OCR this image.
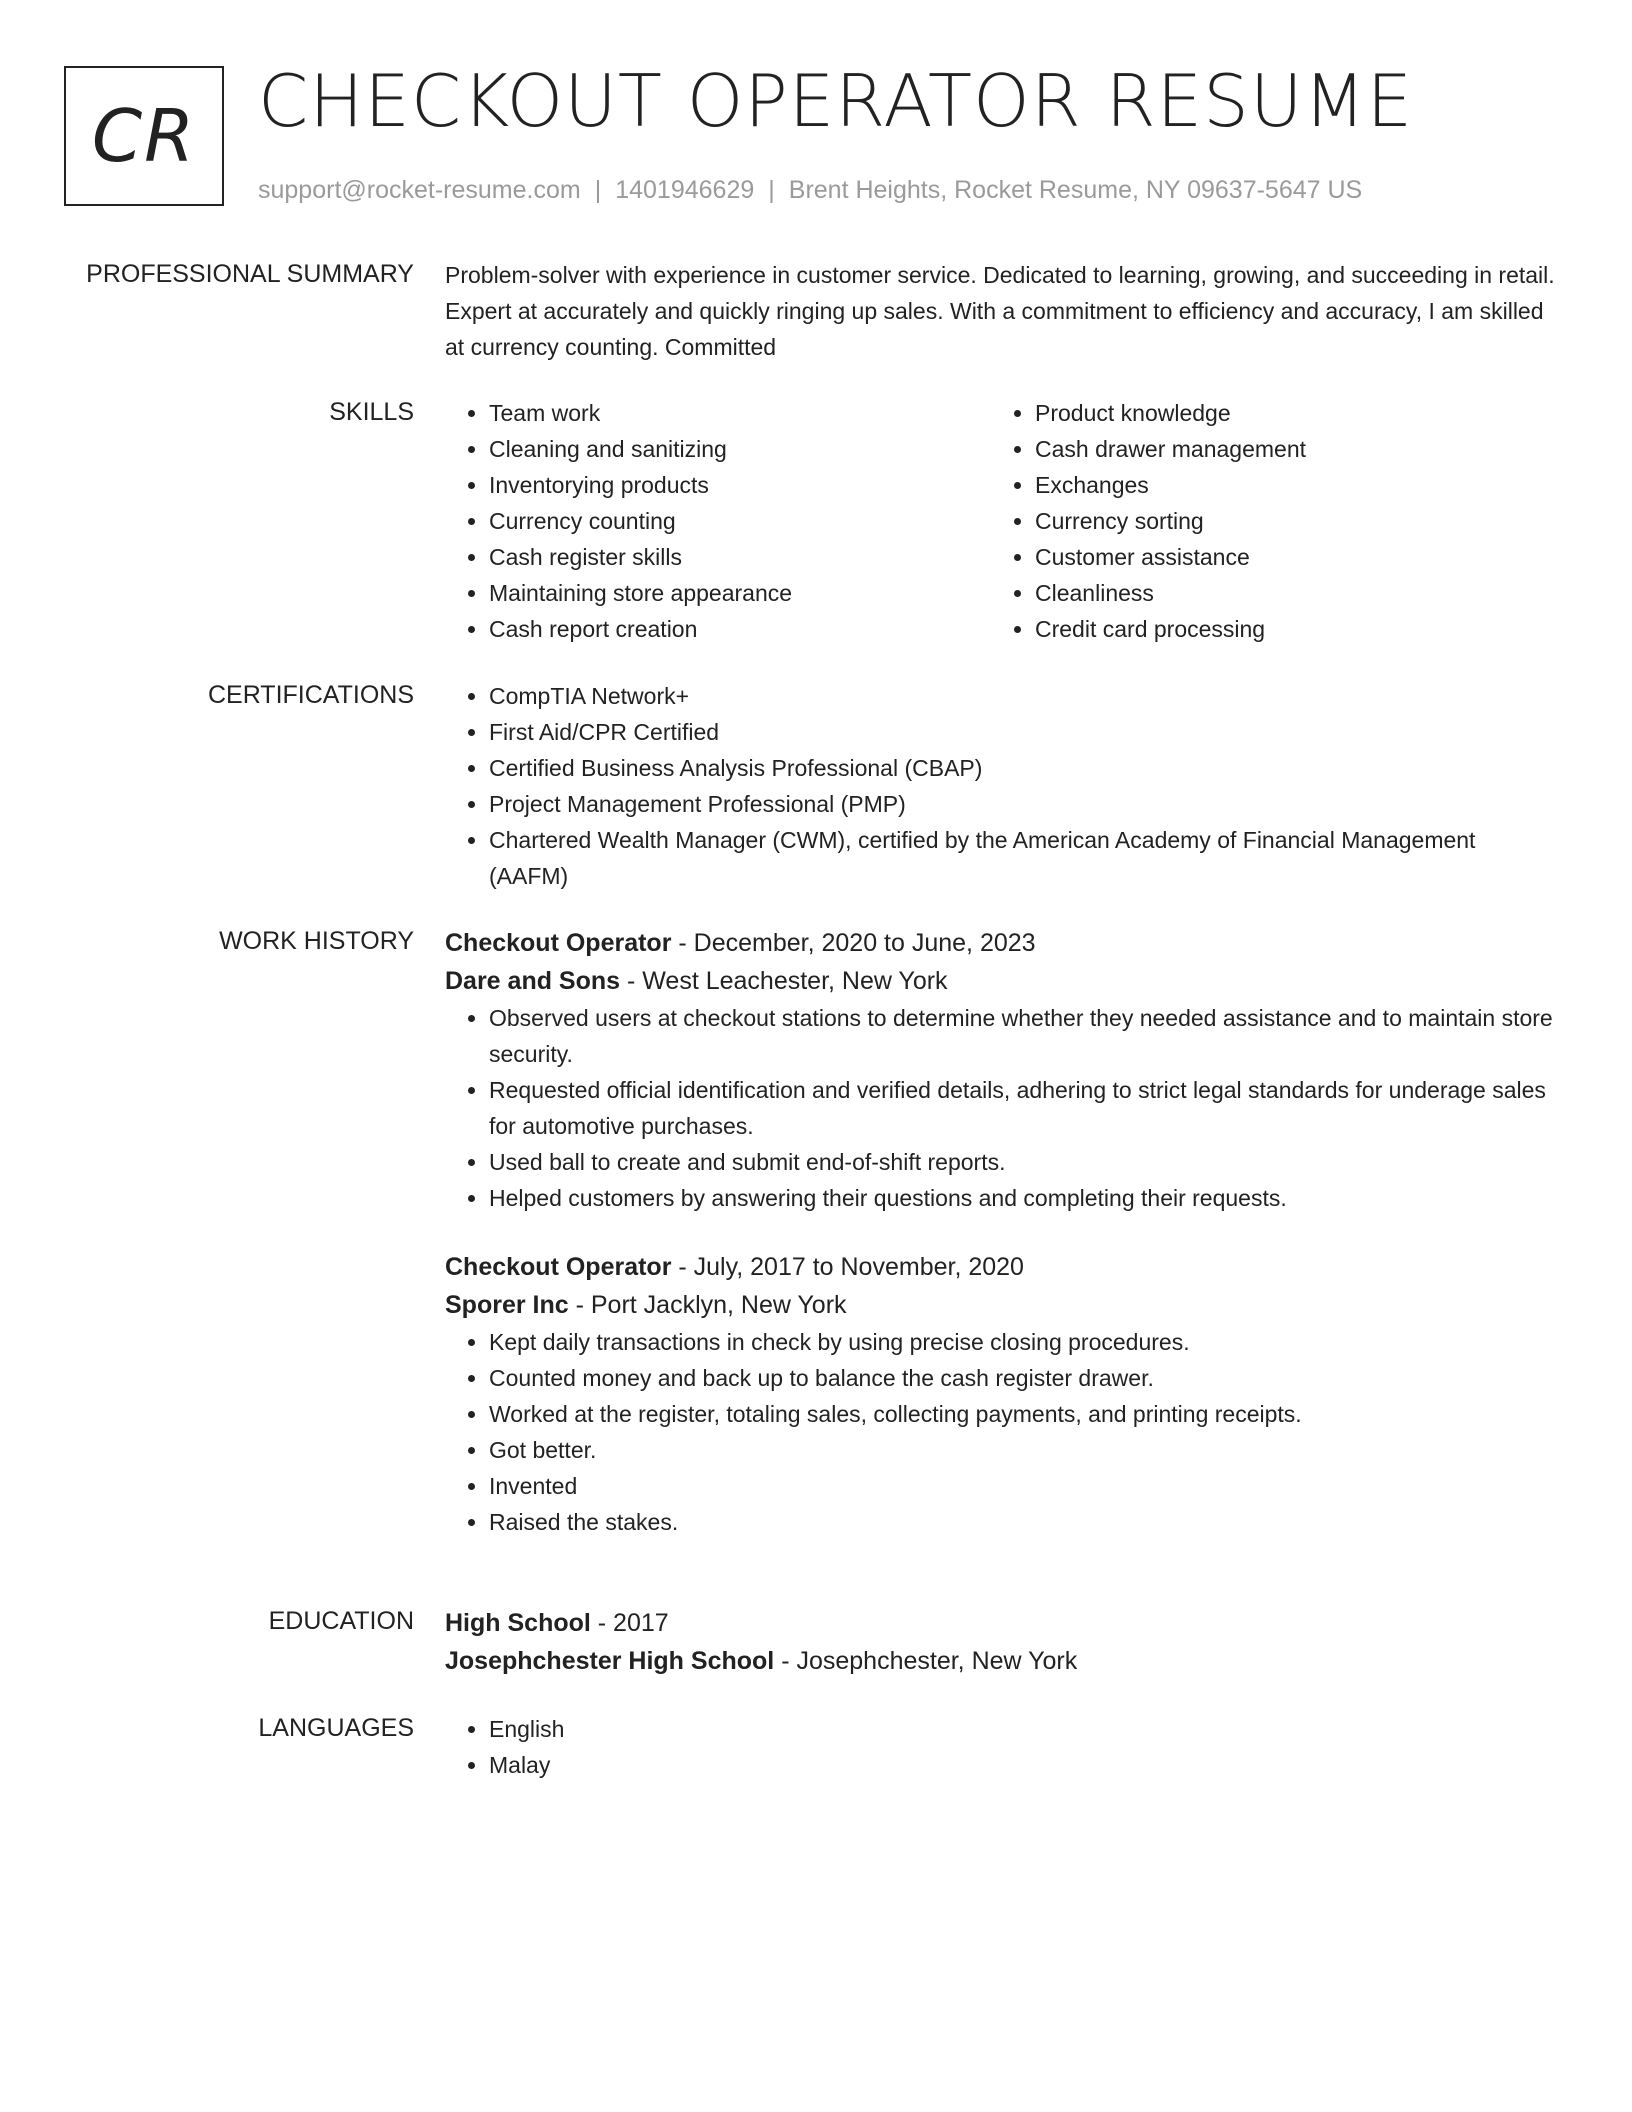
CR CHECKOUT OPERATOR RESUME
support@rocket-resume.com | 1401946629 | Brent Heights, Rocket Resume, NY 09637-5647 US
PROFESSIONAL SUMMARY Problem-solver with experience in customer service. Dedicated to learning, growing, and succeeding in retail. Expert at accurately and quickly ringing up sales. With a commitment to efficiency and accuracy, I am skilled at currency counting. Committed

SKILLS	• Team work
• Cleaning and sanitizing
• Inventorying products
• Currency counting
• Cash register skills
• Maintaining store appearance
• Cash report creation
• Product knowledge
• Cash drawer management
• Exchanges
• Currency sorting
• Customer assistance
• Cleanliness
• Credit card processing
CERTIFICATIONS	• CompTIA Network+
• First Aid/CPR Certified
• Certified Business Analysis Professional (CBAP)
• Project Management Professional (PMP)
• Chartered Wealth Manager (CWM), certified by the American Academy of Financial Management (AAFM)
WORK HISTORY Checkout Operator - December, 2020 to June, 2023

Dare and Sons - West Leachester, New York

• Observed users at checkout stations to determine whether they needed assistance and to maintain store security.
• Requested official identification and verified details, adhering to strict legal standards for underage sales for automotive purchases.
• Used ball to create and submit end-of-shift reports.
• Helped customers by answering their questions and completing their requests.

Checkout Operator - July, 2017 to November, 2020

Sporer Inc - Port Jacklyn, New York

• Kept daily transactions in check by using precise closing procedures.
• Counted money and back up to balance the cash register drawer.
• Worked at the register, totaling sales, collecting payments, and printing receipts.
• Got better.
• Invented
• Raised the stakes.
EDUCATION High School - 2017

Josephchester High School - Josephchester, New York

LANGUAGES	• English
• Malay
